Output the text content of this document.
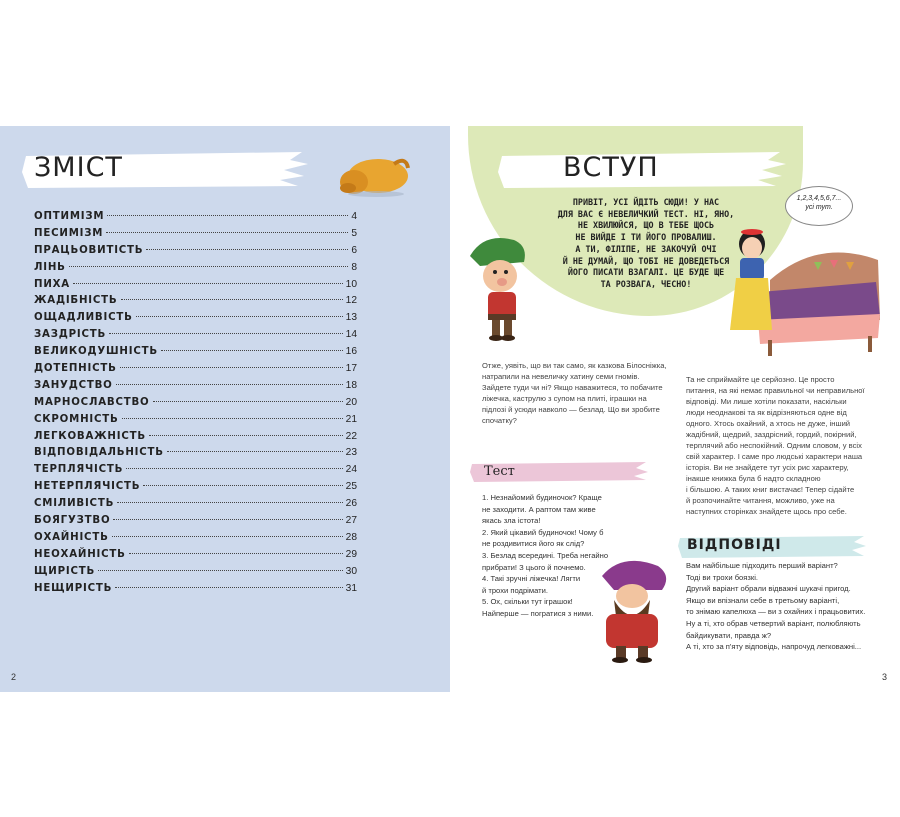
ЗМІСТ
ОПТИМІЗМ	4
ПЕСИМІЗМ	5
ПРАЦЬОВИТІСТЬ	6
ЛІНЬ	8
ПИХА	10
ЖАДІБНІСТЬ	12
ОЩАДЛИВІСТЬ	13
ЗАЗДРІСТЬ	14
ВЕЛИКОДУШНІСТЬ	16
ДОТЕПНІСТЬ	17
ЗАНУДСТВО	18
МАРНОСЛАВСТВО	20
СКРОМНІСТЬ	21
ЛЕГКОВАЖНІСТЬ	22
ВІДПОВІДАЛЬНІСТЬ	23
ТЕРПЛЯЧІСТЬ	24
НЕТЕРПЛЯЧІСТЬ	25
СМІЛИВІСТЬ	26
БОЯГУЗТВО	27
ОХАЙНІСТЬ	28
НЕОХАЙНІСТЬ	29
ЩИРІСТЬ	30
НЕЩИРІСТЬ	31
2
ВСТУП
ПРИВІТ, УСІ ЙДІТЬ СЮДИ! У НАС
ДЛЯ ВАС Є НЕВЕЛИЧКИЙ ТЕСТ. НІ, ЯНО,
НЕ ХВИЛЮЙСЯ, ЩО В ТЕБЕ ЩОСЬ
НЕ ВИЙДЕ І ТИ ЙОГО ПРОВАЛИШ.
А ТИ, ФІЛІПЕ, НЕ ЗАКОЧУЙ ОЧІ
Й НЕ ДУМАЙ, ЩО ТОБІ НЕ ДОВЕДЕТЬСЯ
ЙОГО ПИСАТИ ВЗАГАЛІ. ЦЕ БУДЕ ЩЕ
ТА РОЗВАГА, ЧЕСНО!
1,2,3,4,5,6,7...
усі тут.
Отже, уявіть, що ви так само, як казкова Білосніжка,
натрапили на невеличку хатину семи гномів.
Зайдете туди чи ні? Якщо наважитеся, то побачите
ліжечка, каструлю з супом на плиті, іграшки на
підлозі й усюди навколо — безлад. Що ви зробите
спочатку?
Та не сприймайте це серйозно. Це просто
питання, на які немає правильної чи неправильної
відповіді. Ми лише хотіли показати, наскільки
люди неоднакові та як відрізняються одне від
одного. Хтось охайний, а хтось не дуже, інший
жадібний, щедрий, заздрісний, гордий, покірний,
терплячий або неспокійний. Одним словом, у всіх
свій характер. І саме про людські характери наша
історія. Ви не знайдете тут усіх рис характеру,
інакше книжка була б надто складною
і більшою. А таких книг вистачає! Тепер сідайте
й розпочинайте читання, можливо, уже на
наступних сторінках знайдете щось про себе.
Тест
1. Незнайомий будиночок? Краще
не заходити. А раптом там живе
якась зла істота!
2. Який цікавий будиночок! Чому б
не роздивитися його як слід?
3. Безлад всередині. Треба негайно
прибрати! З цього й почнемо.
4. Такі зручні ліжечка! Лягти
й трохи подрімати.
5. Ох, скільки тут іграшок!
Найперше — погратися з ними.
ВІДПОВІДІ
Вам найбільше підходить перший варіант?
Тоді ви трохи боязкі.
Другий варіант обрали відважні шукачі пригод.
Якщо ви впізнали себе в третьому варіанті,
то знімаю капелюха — ви з охайних і працьовитих.
Ну а ті, хто обрав четвертий варіант, полюбляють
байдикувати, правда ж?
А ті, хто за п'яту відповідь, напрочуд легковажні...
3
